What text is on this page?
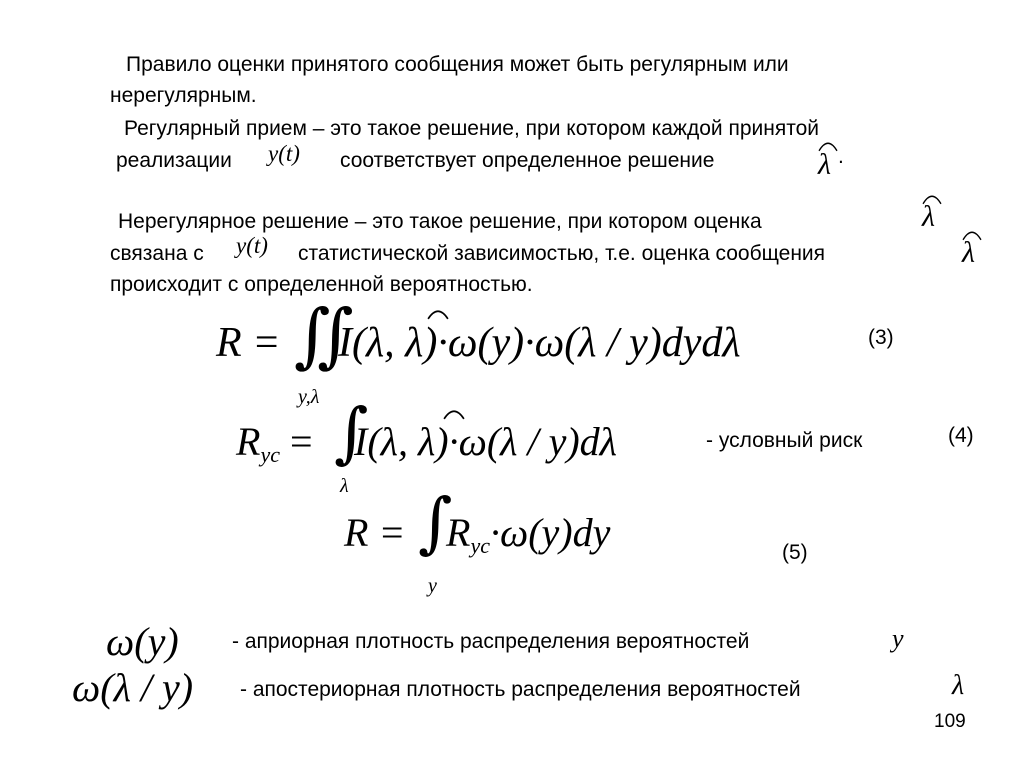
Правило оценки принятого сообщения может быть регулярным или
нерегулярным.
Регулярный прием – это такое решение, при котором каждой принятой
реализации y(t) соответствует определенное решение	λ .
Нерегулярное решение – это такое решение, при котором оценка	λ
связана с y(t) статистической зависимостью, т.е. оценка сообщения	λ
происходит с определенной вероятностью.
R = ∬
I(λ, λ)·ω(y)·ω(λ / y)dydλ
y,λ
(3)
Rус = ∫
I(λ, λ)·ω(λ / y)dλ
λ
- условный риск	(4)
R = ∫
Rус·ω(y)dy
y
(5)
ω(y)	- априорная плотность распределения вероятностей	y
ω(λ / y) - апостериорная плотность распределения вероятностей	λ
109
